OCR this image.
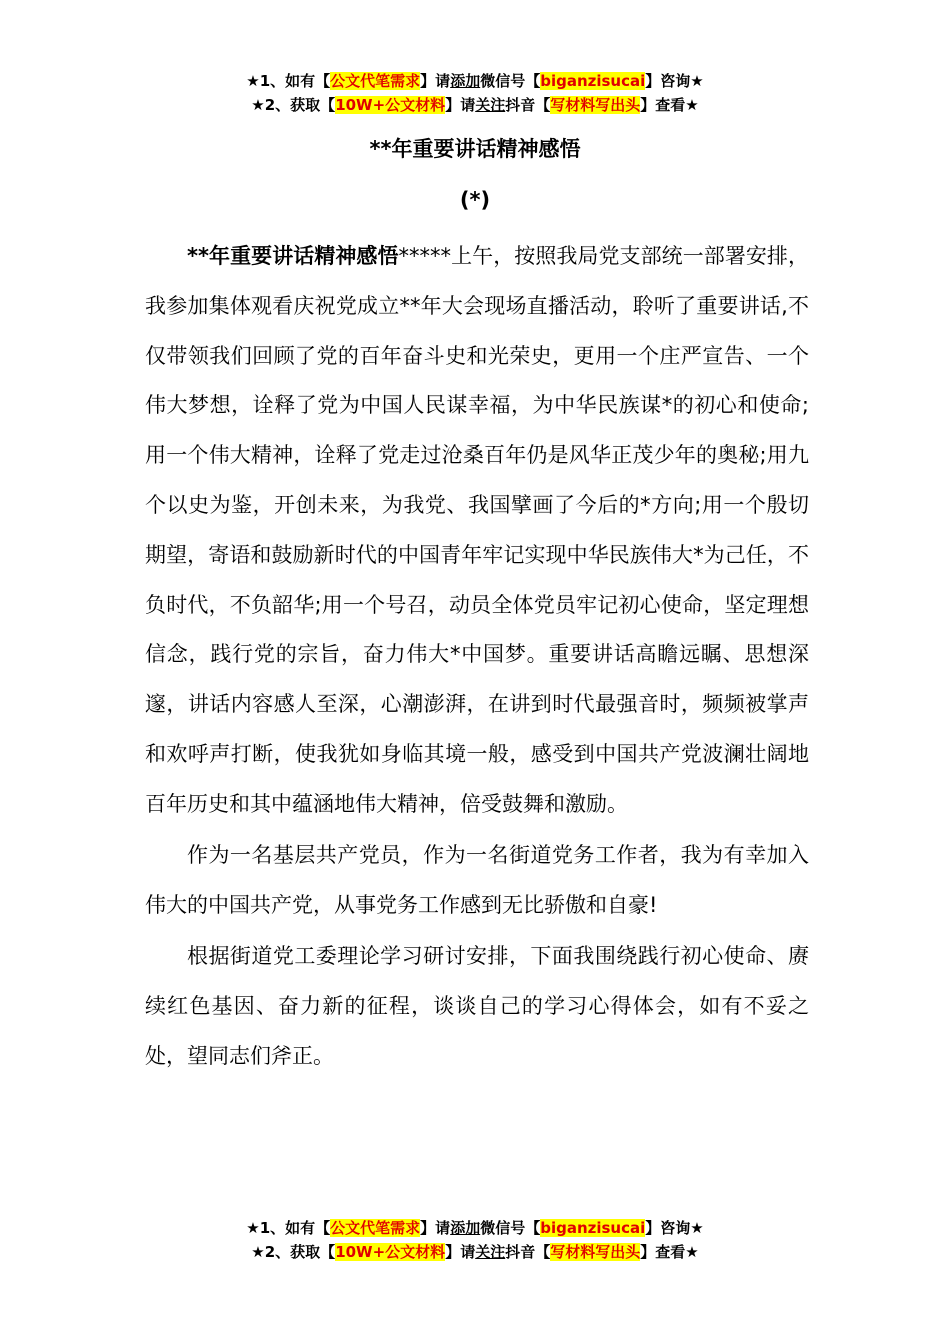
★1、如有【公文代笔需求】请添加微信号【biganzisucai】咨询★
★2、获取【10W+公文材料】请关注抖音【写材料写出头】查看★
**年重要讲话精神感悟
(*)

**年重要讲话精神感悟*****上午，按照我局党支部统一部署安排，我参加集体观看庆祝党成立**年大会现场直播活动，聆听了重要讲话,不仅带领我们回顾了党的百年奋斗史和光荣史，更用一个庄严宣告、一个伟大梦想，诠释了党为中国人民谋幸福，为中华民族谋*的初心和使命;用一个伟大精神，诠释了党走过沧桑百年仍是风华正茂少年的奥秘;用九个以史为鉴，开创未来，为我党、我国擘画了今后的*方向;用一个殷切期望，寄语和鼓励新时代的中国青年牢记实现中华民族伟大*为己任，不负时代，不负韶华;用一个号召，动员全体党员牢记初心使命，坚定理想信念，践行党的宗旨，奋力伟大*中国梦。重要讲话高瞻远瞩、思想深邃，讲话内容感人至深，心潮澎湃，在讲到时代最强音时，频频被掌声和欢呼声打断，使我犹如身临其境一般，感受到中国共产党波澜壮阔地百年历史和其中蕴涵地伟大精神，倍受鼓舞和激励。

作为一名基层共产党员，作为一名街道党务工作者，我为有幸加入伟大的中国共产党，从事党务工作感到无比骄傲和自豪!

根据街道党工委理论学习研讨安排，下面我围绕践行初心使命、赓续红色基因、奋力新的征程，谈谈自己的学习心得体会，如有不妥之处，望同志们斧正。

★1、如有【公文代笔需求】请添加微信号【biganzisucai】咨询★
★2、获取【10W+公文材料】请关注抖音【写材料写出头】查看★
